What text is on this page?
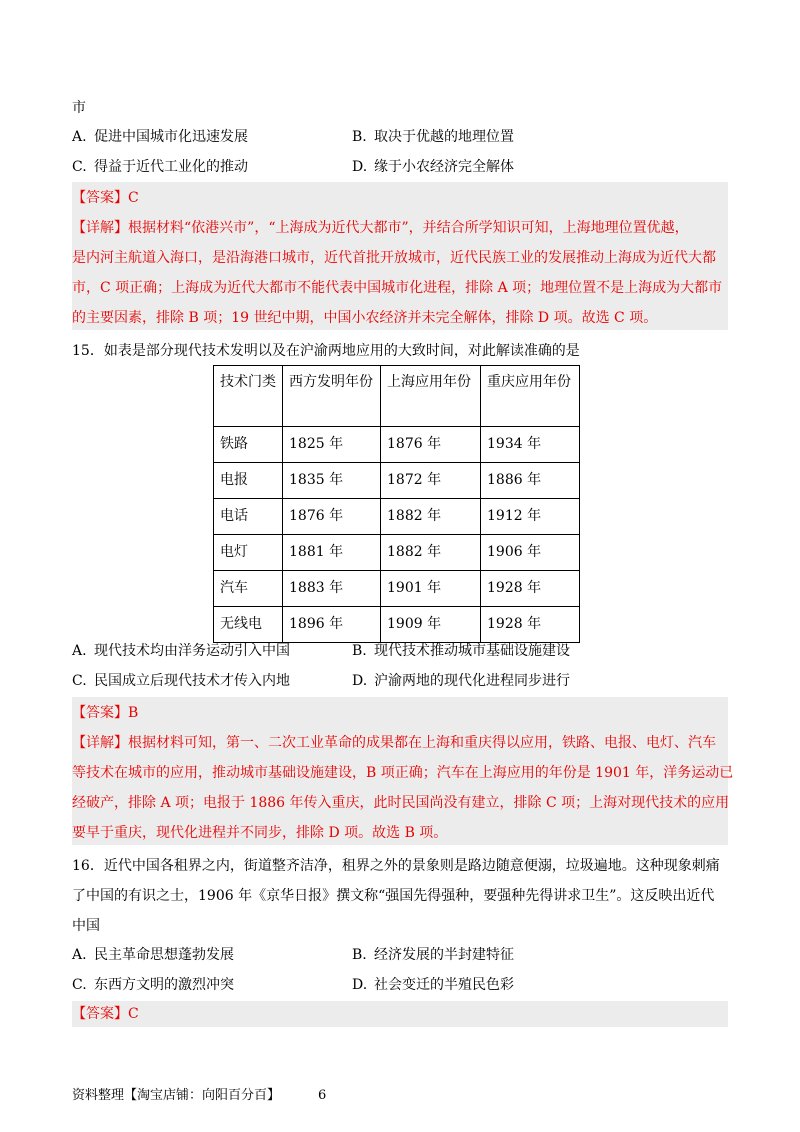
市
A. 促进中国城市化迅速发展	B. 取决于优越的地理位置
C. 得益于近代工业化的推动	D. 缘于小农经济完全解体
【答案】C
【详解】根据材料“依港兴市”，“上海成为近代大都市”，并结合所学知识可知，上海地理位置优越，
是内河主航道入海口，是沿海港口城市，近代首批开放城市，近代民族工业的发展推动上海成为近代大都
市，C 项正确；上海成为近代大都市不能代表中国城市化进程，排除 A 项；地理位置不是上海成为大都市
的主要因素，排除 B 项；19 世纪中期，中国小农经济并未完全解体，排除 D 项。故选 C 项。
15．如表是部分现代技术发明以及在沪渝两地应用的大致时间，对此解读准确的是
技术门类	西方发明年份	上海应用年份	重庆应用年份
铁路	1825 年	1876 年	1934 年
电报	1835 年	1872 年	1886 年
电话	1876 年	1882 年	1912 年
电灯	1881 年	1882 年	1906 年
汽车	1883 年	1901 年	1928 年
无线电	1896 年	1909 年	1928 年
A. 现代技术均由洋务运动引入中国	B. 现代技术推动城市基础设施建设
C. 民国成立后现代技术才传入内地	D. 沪渝两地的现代化进程同步进行
【答案】B
【详解】根据材料可知，第一、二次工业革命的成果都在上海和重庆得以应用，铁路、电报、电灯、汽车
等技术在城市的应用，推动城市基础设施建设，B 项正确；汽车在上海应用的年份是 1901 年，洋务运动已
经破产，排除 A 项；电报于 1886 年传入重庆，此时民国尚没有建立，排除 C 项；上海对现代技术的应用
要早于重庆，现代化进程并不同步，排除 D 项。故选 B 项。
16．近代中国各租界之内，街道整齐洁净，租界之外的景象则是路边随意便溺，垃圾遍地。这种现象刺痛
了中国的有识之士，1906 年《京华日报》撰文称“强国先得强种，要强种先得讲求卫生”。这反映出近代
中国
A. 民主革命思想蓬勃发展	B. 经济发展的半封建特征
C. 东西方文明的激烈冲突	D. 社会变迁的半殖民色彩
【答案】C
资料整理【淘宝店铺：向阳百分百】	6
